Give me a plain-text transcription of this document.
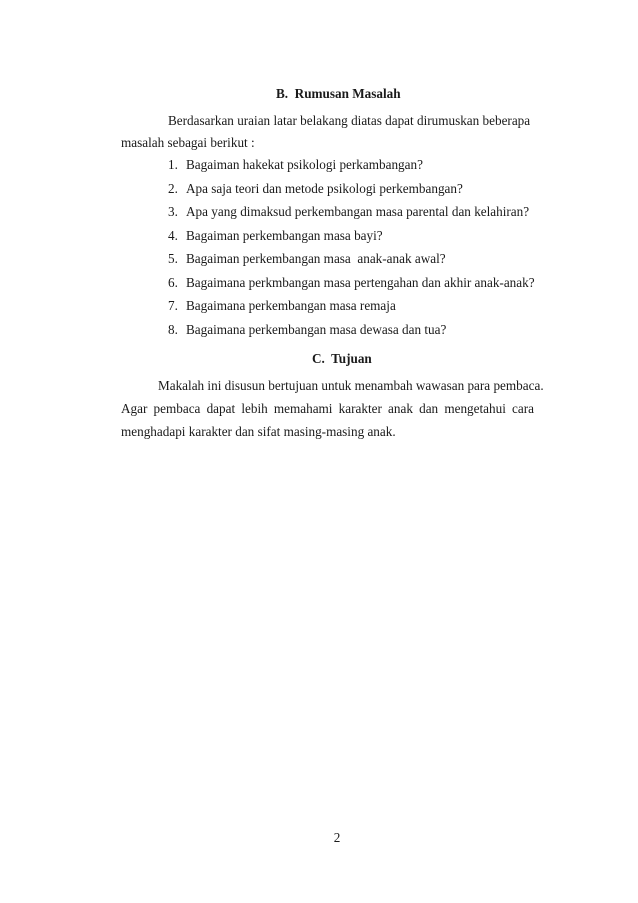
B.  Rumusan Masalah
Berdasarkan uraian latar belakang diatas dapat dirumuskan beberapa
masalah sebagai berikut :
1. Bagaiman hakekat psikologi perkambangan?
2. Apa saja teori dan metode psikologi perkembangan?
3. Apa yang dimaksud perkembangan masa parental dan kelahiran?
4. Bagaiman perkembangan masa bayi?
5. Bagaiman perkembangan masa  anak-anak awal?
6. Bagaimana perkmbangan masa pertengahan dan akhir anak-anak?
7. Bagaimana perkembangan masa remaja
8. Bagaimana perkembangan masa dewasa dan tua?
C.  Tujuan
Makalah ini disusun bertujuan untuk menambah wawasan para pembaca.
Agar pembaca dapat lebih memahami karakter anak dan mengetahui cara
menghadapi karakter dan sifat masing-masing anak.
2
